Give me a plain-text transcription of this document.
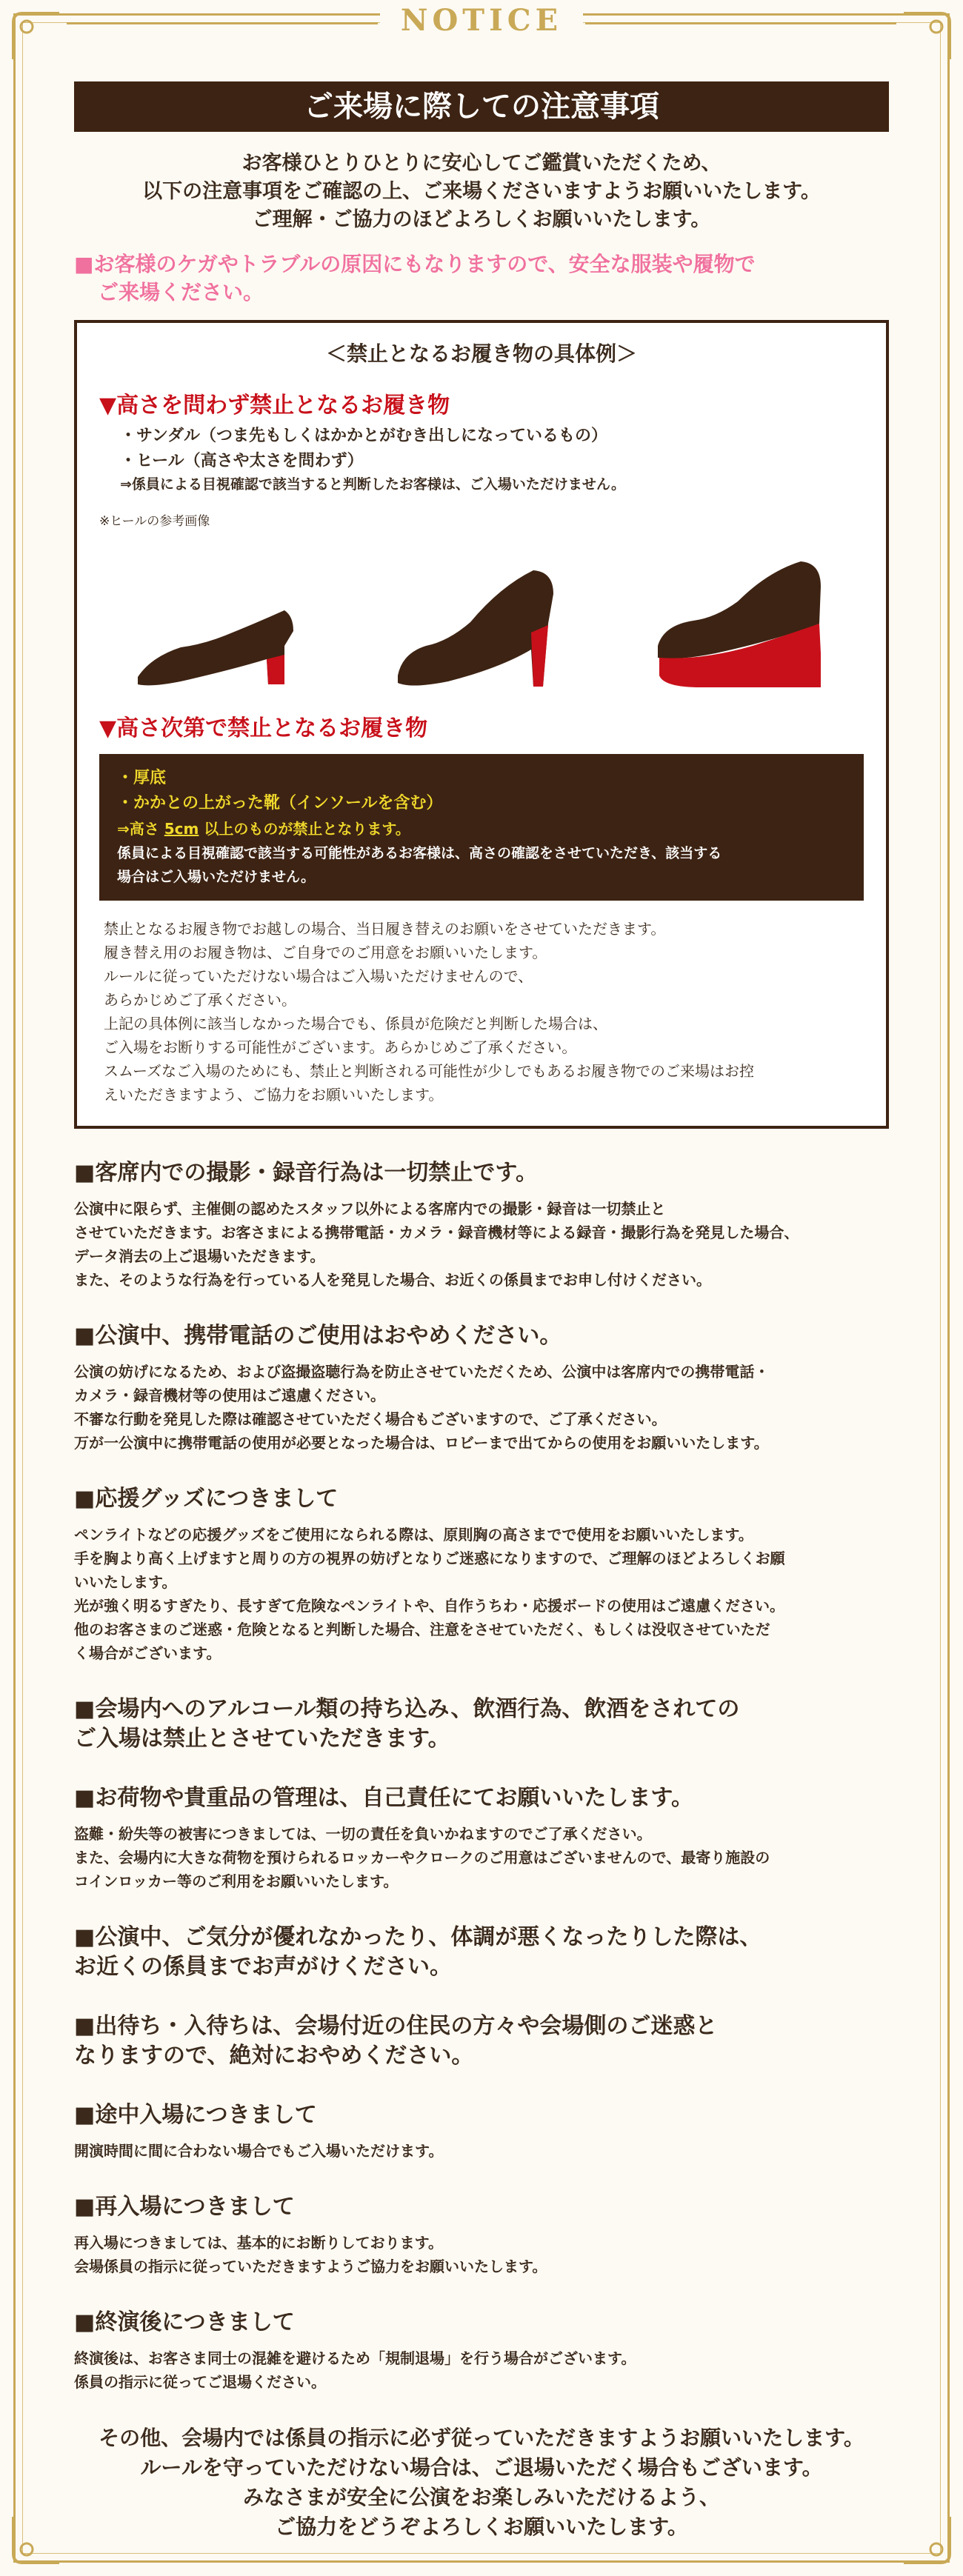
NOTICE
ご来場に際しての注意事項
お客様ひとりひとりに安心してご鑑賞いただくため、
以下の注意事項をご確認の上、ご来場くださいますようお願いいたします。
ご理解・ご協力のほどよろしくお願いいたします。
■お客様のケガやトラブルの原因にもなりますので、安全な服装や履物で
ご来場ください。
＜禁止となるお履き物の具体例＞
▼高さを問わず禁止となるお履き物
・サンダル（つま先もしくはかかとがむき出しになっているもの）
・ヒール（高さや太さを問わず）
⇒係員による目視確認で該当すると判断したお客様は、ご入場いただけません。
※ヒールの参考画像
▼高さ次第で禁止となるお履き物
・厚底
・かかとの上がった靴（インソールを含む）
⇒高さ 5cm 以上のものが禁止となります。
係員による目視確認で該当する可能性があるお客様は、高さの確認をさせていただき、該当する
場合はご入場いただけません。
禁止となるお履き物でお越しの場合、当日履き替えのお願いをさせていただきます。
履き替え用のお履き物は、ご自身でのご用意をお願いいたします。
ルールに従っていただけない場合はご入場いただけませんので、
あらかじめご了承ください。
上記の具体例に該当しなかった場合でも、係員が危険だと判断した場合は、
ご入場をお断りする可能性がございます。あらかじめご了承ください。
スムーズなご入場のためにも、禁止と判断される可能性が少しでもあるお履き物でのご来場はお控
えいただきますよう、ご協力をお願いいたします。
■客席内での撮影・録音行為は一切禁止です。

公演中に限らず、主催側の認めたスタッフ以外による客席内での撮影・録音は一切禁止と
させていただきます。お客さまによる携帯電話・カメラ・録音機材等による録音・撮影行為を発見した場合、
データ消去の上ご退場いただきます。
また、そのような行為を行っている人を発見した場合、お近くの係員までお申し付けください。

■公演中、携帯電話のご使用はおやめください。

公演の妨げになるため、および盗撮盗聴行為を防止させていただくため、公演中は客席内での携帯電話・
カメラ・録音機材等の使用はご遠慮ください。
不審な行動を発見した際は確認させていただく場合もございますので、ご了承ください。
万が一公演中に携帯電話の使用が必要となった場合は、ロビーまで出てからの使用をお願いいたします。

■応援グッズにつきまして

ペンライトなどの応援グッズをご使用になられる際は、原則胸の高さまでで使用をお願いいたします。
手を胸より高く上げますと周りの方の視界の妨げとなりご迷惑になりますので、ご理解のほどよろしくお願
いいたします。
光が強く明るすぎたり、長すぎて危険なペンライトや、自作うちわ・応援ボードの使用はご遠慮ください。
他のお客さまのご迷惑・危険となると判断した場合、注意をさせていただく、もしくは没収させていただ
く場合がございます。

■会場内へのアルコール類の持ち込み、飲酒行為、飲酒をされての
ご入場は禁止とさせていただきます。
■お荷物や貴重品の管理は、自己責任にてお願いいたします。

盗難・紛失等の被害につきましては、一切の責任を負いかねますのでご了承ください。
また、会場内に大きな荷物を預けられるロッカーやクロークのご用意はございませんので、最寄り施設の
コインロッカー等のご利用をお願いいたします。

■公演中、ご気分が優れなかったり、体調が悪くなったりした際は、
お近くの係員までお声がけください。
■出待ち・入待ちは、会場付近の住民の方々や会場側のご迷惑と
なりますので、絶対におやめください。
■途中入場につきまして

開演時間に間に合わない場合でもご入場いただけます。

■再入場につきまして

再入場につきましては、基本的にお断りしております。
会場係員の指示に従っていただきますようご協力をお願いいたします。

■終演後につきまして

終演後は、お客さま同士の混雑を避けるため「規制退場」を行う場合がございます。
係員の指示に従ってご退場ください。

その他、会場内では係員の指示に必ず従っていただきますようお願いいたします。
ルールを守っていただけない場合は、ご退場いただく場合もございます。
みなさまが安全に公演をお楽しみいただけるよう、
ご協力をどうぞよろしくお願いいたします。
